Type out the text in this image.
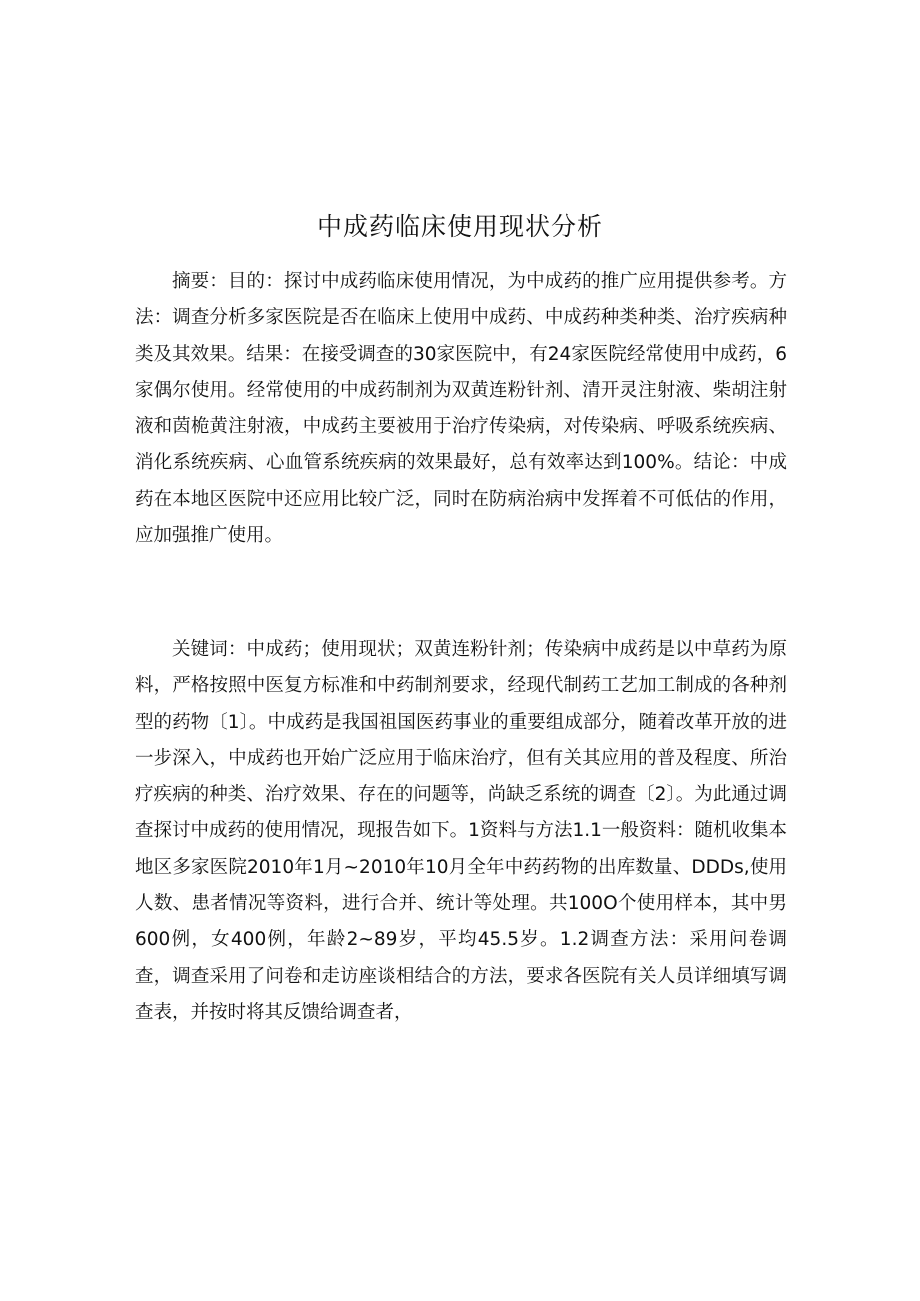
中成药临床使用现状分析

摘要：目的：探讨中成药临床使用情况，为中成药的推广应用提供参考。方法：调查分析多家医院是否在临床上使用中成药、中成药种类种类、治疗疾病种类及其效果。结果：在接受调查的30家医院中，有24家医院经常使用中成药，6家偶尔使用。经常使用的中成药制剂为双黄连粉针剂、清开灵注射液、柴胡注射液和茵桅黄注射液，中成药主要被用于治疗传染病，对传染病、呼吸系统疾病、消化系统疾病、心血管系统疾病的效果最好，总有效率达到100%。结论：中成药在本地区医院中还应用比较广泛，同时在防病治病中发挥着不可低估的作用，应加强推广使用。

关键词：中成药；使用现状；双黄连粉针剂；传染病中成药是以中草药为原料，严格按照中医复方标准和中药制剂要求，经现代制药工艺加工制成的各种剂型的药物〔1〕。中成药是我国祖国医药事业的重要组成部分，随着改革开放的进一步深入，中成药也开始广泛应用于临床治疗，但有关其应用的普及程度、所治疗疾病的种类、治疗效果、存在的问题等，尚缺乏系统的调查〔2〕。为此通过调查探讨中成药的使用情况，现报告如下。1资料与方法1.1一般资料：随机收集本地区多家医院2010年1月~2010年10月全年中药药物的出库数量、DDDs,使用人数、患者情况等资料，进行合并、统计等处理。共100O个使用样本，其中男600例，女400例，年龄2~89岁，平均45.5岁。1.2调查方法：采用问卷调查，调查采用了问卷和走访座谈相结合的方法，要求各医院有关人员详细填写调查表，并按时将其反馈给调查者，
